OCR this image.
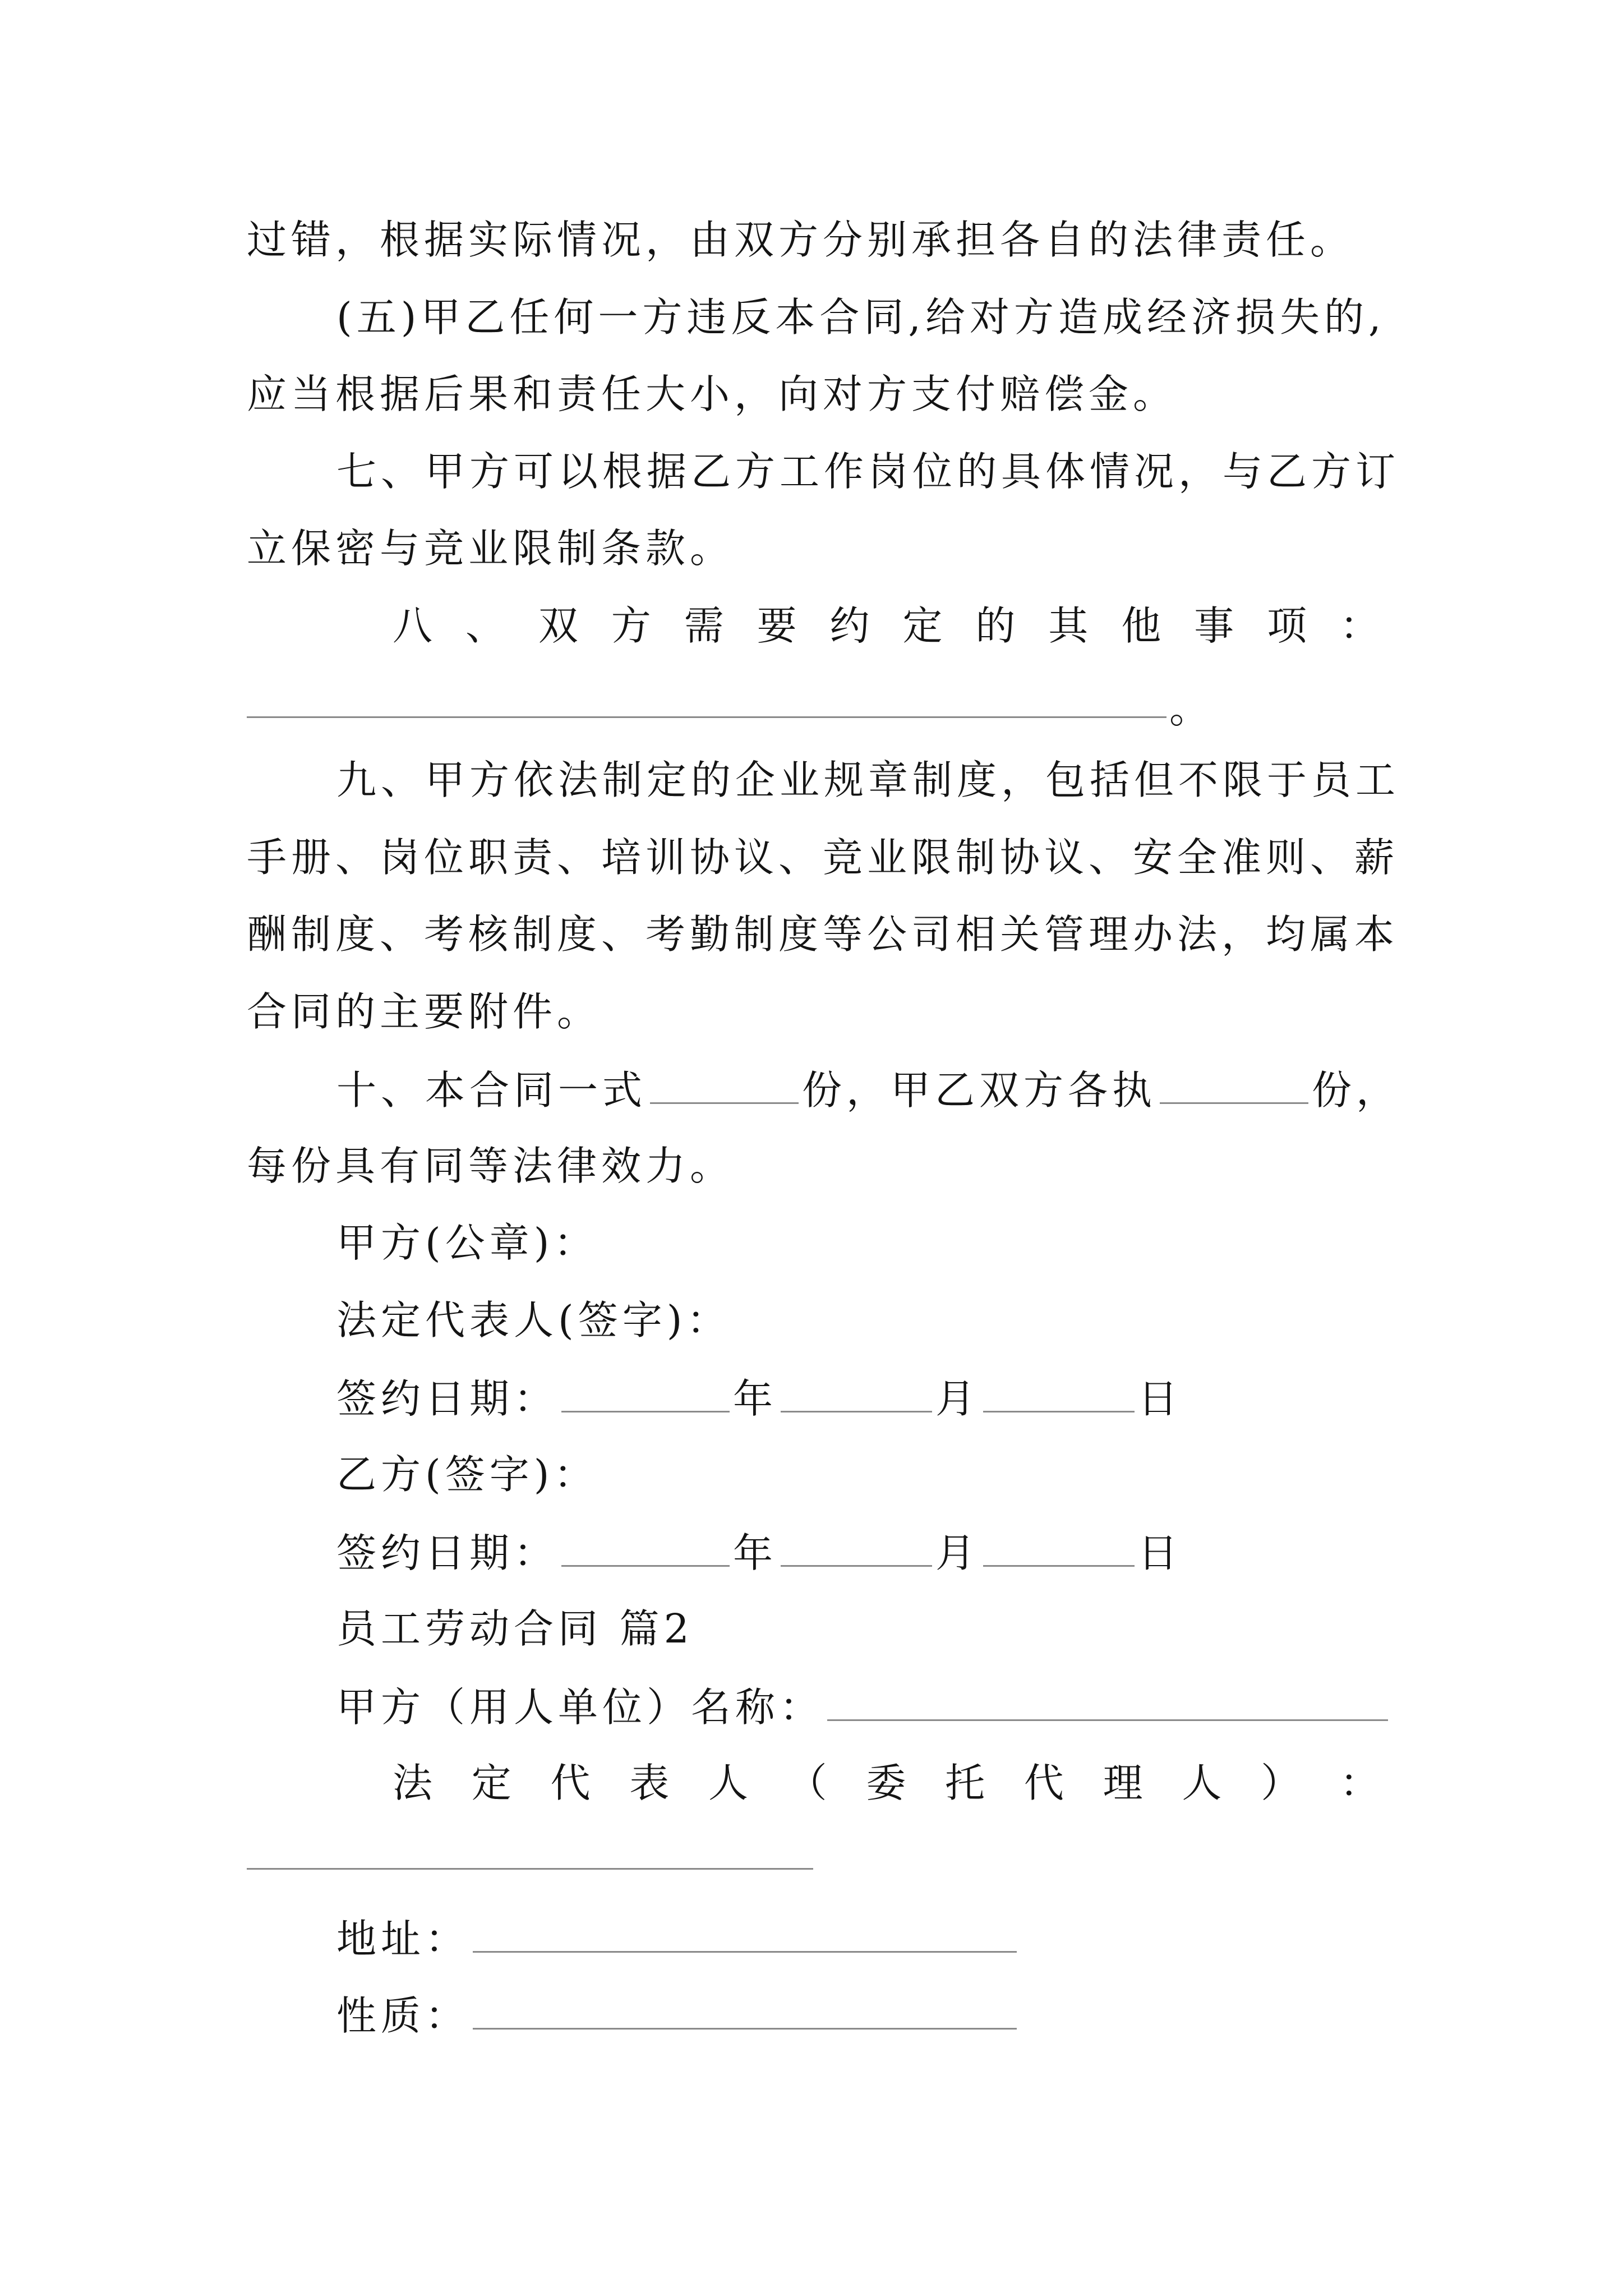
过错，根据实际情况，由双方分别承担各自的法律责任。
(五)甲乙任何一方违反本合同,给对方造成经济损失的,
应当根据后果和责任大小，向对方支付赔偿金。
七、甲方可以根据乙方工作岗位的具体情况，与乙方订
立保密与竞业限制条款。
八 、 双 方 需 要 约 定 的 其 他 事 项 ：
。
九、甲方依法制定的企业规章制度，包括但不限于员工
手册、岗位职责、培训协议、竞业限制协议、安全准则、薪
酬制度、考核制度、考勤制度等公司相关管理办法，均属本
合同的主要附件。
十、本合同一式	份，甲乙双方各执	份，
每份具有同等法律效力。
甲方(公章)：
法定代表人(签字)：
签约日期：	年	月	日
乙方(签字)：
签约日期：	年	月	日
员工劳动合同 篇2
甲方（用人单位）名称：
法 定 代 表 人 （ 委 托 代 理 人 ） ：
地址：
性质：
